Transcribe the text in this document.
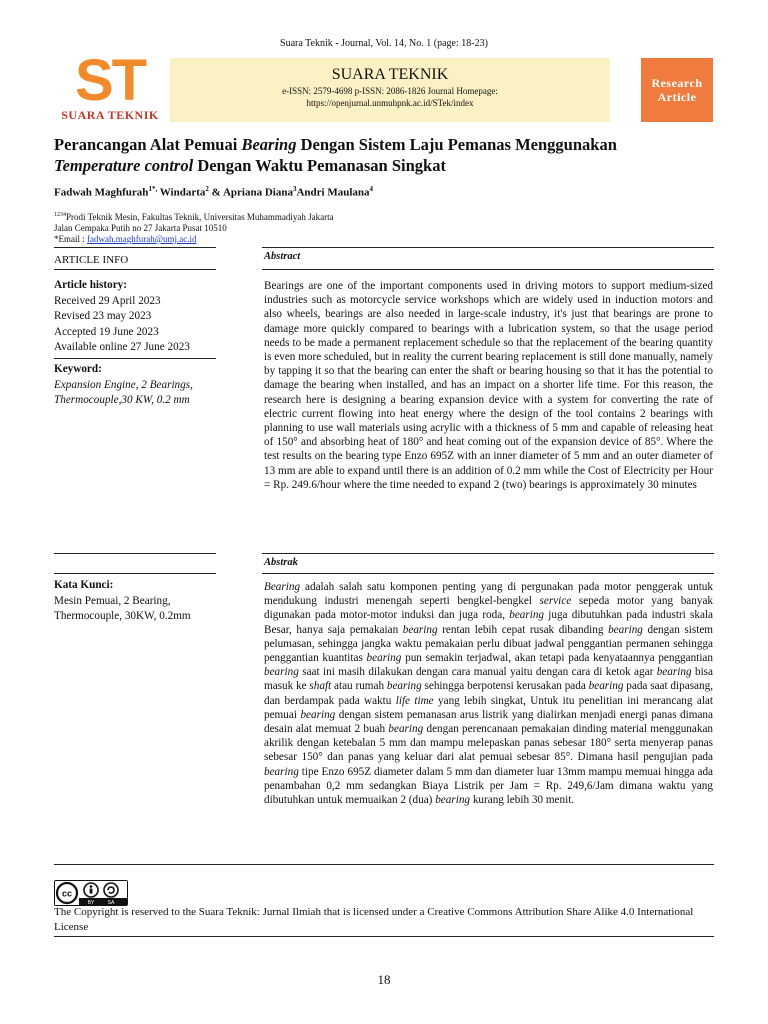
Suara Teknik - Journal, Vol. 14, No. 1 (page: 18-23)
ST
SUARA TEKNIK
SUARA TEKNIK
e-ISSN: 2579-4698 p-ISSN: 2086-1826 Journal Homepage:
https://openjurnal.unmuhpnk.ac.id/STek/index
Research
Article
Perancangan Alat Pemuai Bearing Dengan Sistem Laju Pemanas Menggunakan
Temperature control Dengan Waktu Pemanasan Singkat
Fadwah Maghfurah$^{1*,}$ Windarta$^2$ & Apriana Diana$^3$Andri Maulana$^4$
$^{1234}$Prodi Teknik Mesin, Fakultas Teknik, Universitas Muhammadiyah Jakarta
Jalan Cempaka Putih no 27 Jakarta Pusat 10510
*Email : fadwah.maghfurah@umj.ac.id
ARTICLE INFO	Abstract
Abstrak
Article history:
Received 29 April 2023
Revised 23 may 2023
Accepted 19 June 2023
Available online 27 June 2023
Keyword:
Expansion Engine, 2 Bearings, Thermocouple,30 KW, 0.2 mm
Kata Kunci:
Mesin Pemuai, 2 Bearing, Thermocouple, 30KW, 0.2mm
Bearings are one of the important components used in driving motors to support medium-sized industries such as motorcycle service workshops which are widely used in induction motors and also wheels, bearings are also needed in large-scale industry, it's just that bearings are prone to damage more quickly compared to bearings with a lubrication system, so that the usage period needs to be made a permanent replacement schedule so that the replacement of the bearing quantity is even more scheduled, but in reality the current bearing replacement is still done manually, namely by tapping it so that the bearing can enter the shaft or bearing housing so that it has the potential to damage the bearing when installed, and has an impact on a shorter life time. For this reason, the research here is designing a bearing expansion device with a system for converting the rate of electric current flowing into heat energy where the design of the tool contains 2 bearings with planning to use wall materials using acrylic with a thickness of 5 mm and capable of releasing heat of 150° and absorbing heat of 180° and heat coming out of the expansion device of 85°. Where the test results on the bearing type Enzo 695Z with an inner diameter of 5 mm and an outer diameter of 13 mm are able to expand until there is an addition of 0.2 mm while the Cost of Electricity per Hour = Rp. 249.6/hour where the time needed to expand 2 (two) bearings is approximately 30 minutes
Bearing adalah salah satu komponen penting yang di pergunakan pada motor penggerak untuk mendukung industri menengah seperti bengkel-bengkel service sepeda motor yang banyak digunakan pada motor-motor induksi dan juga roda, bearing juga dibutuhkan pada industri skala Besar, hanya saja pemakaian bearing rentan lebih cepat rusak dibanding bearing dengan sistem pelumasan, sehingga jangka waktu pemakaian perlu dibuat jadwal penggantian permanen sehingga penggantian kuantitas bearing pun semakin terjadwal, akan tetapi pada kenyataannya penggantian bearing saat ini masih dilakukan dengan cara manual yaitu dengan cara di ketok agar bearing bisa masuk ke shaft atau rumah bearing sehingga berpotensi kerusakan pada bearing pada saat dipasang, dan berdampak pada waktu life time yang lebih singkat, Untuk itu penelitian ini merancang alat pemuai bearing dengan sistem pemanasan arus listrik yang dialirkan menjadi energi panas dimana desain alat memuat 2 buah bearing dengan perencanaan pemakaian dinding material menggunakan akrilik dengan ketebalan 5 mm dan mampu melepaskan panas sebesar 180° serta menyerap panas sebesar 150° dan panas yang keluar dari alat pemuai sebesar 85°. Dimana hasil pengujian pada bearing tipe Enzo 695Z diameter dalam 5 mm dan diameter luar 13mm mampu memuai hingga ada penambahan 0,2 mm sedangkan Biaya Listrik per Jam = Rp. 249,6/Jam dimana waktu yang dibutuhkan untuk memuaikan 2 (dua) bearing kurang lebih 30 menit.
cc
BY	SA
The Copyright is reserved to the Suara Teknik: Jurnal Ilmiah that is licensed under a Creative Commons Attribution Share Alike 4.0 International License
18
